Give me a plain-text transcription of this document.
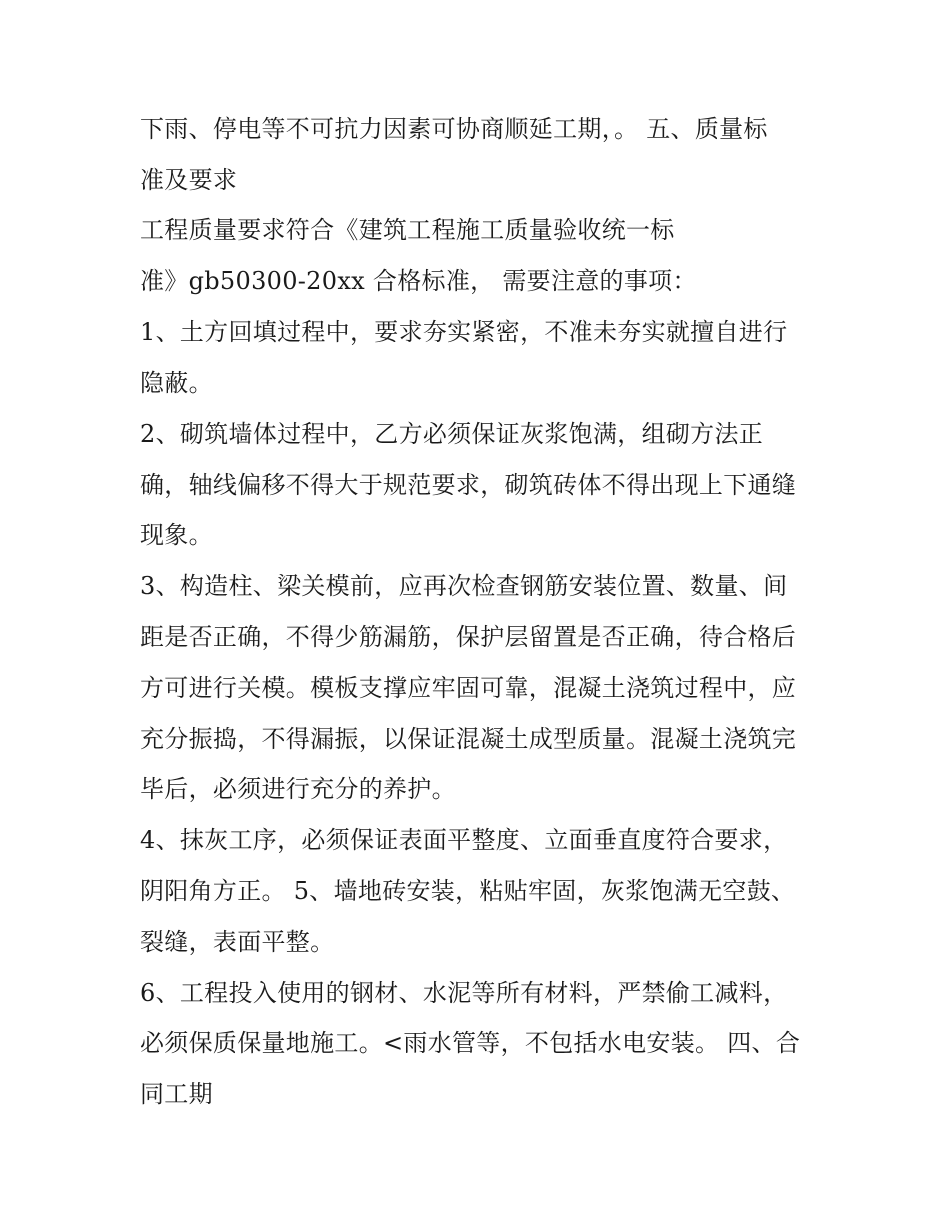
下雨、停电等不可抗力因素可协商顺延工期，。 五、质量标

准及要求

工程质量要求符合《建筑工程施工质量验收统一标

准》gb50300-20xx 合格标准， 需要注意的事项：

1、土方回填过程中，要求夯实紧密，不准未夯实就擅自进行

隐蔽。

2、砌筑墙体过程中，乙方必须保证灰浆饱满，组砌方法正

确，轴线偏移不得大于规范要求，砌筑砖体不得出现上下通缝

现象。

3、构造柱、梁关模前，应再次检查钢筋安装位置、数量、间

距是否正确，不得少筋漏筋，保护层留置是否正确，待合格后

方可进行关模。模板支撑应牢固可靠，混凝土浇筑过程中，应

充分振捣，不得漏振，以保证混凝土成型质量。混凝土浇筑完

毕后，必须进行充分的养护。

4、抹灰工序，必须保证表面平整度、立面垂直度符合要求，

阴阳角方正。 5、墙地砖安装，粘贴牢固，灰浆饱满无空鼓、

裂缝，表面平整。

6、工程投入使用的钢材、水泥等所有材料，严禁偷工减料，

必须保质保量地施工。<雨水管等，不包括水电安装。 四、合

同工期
